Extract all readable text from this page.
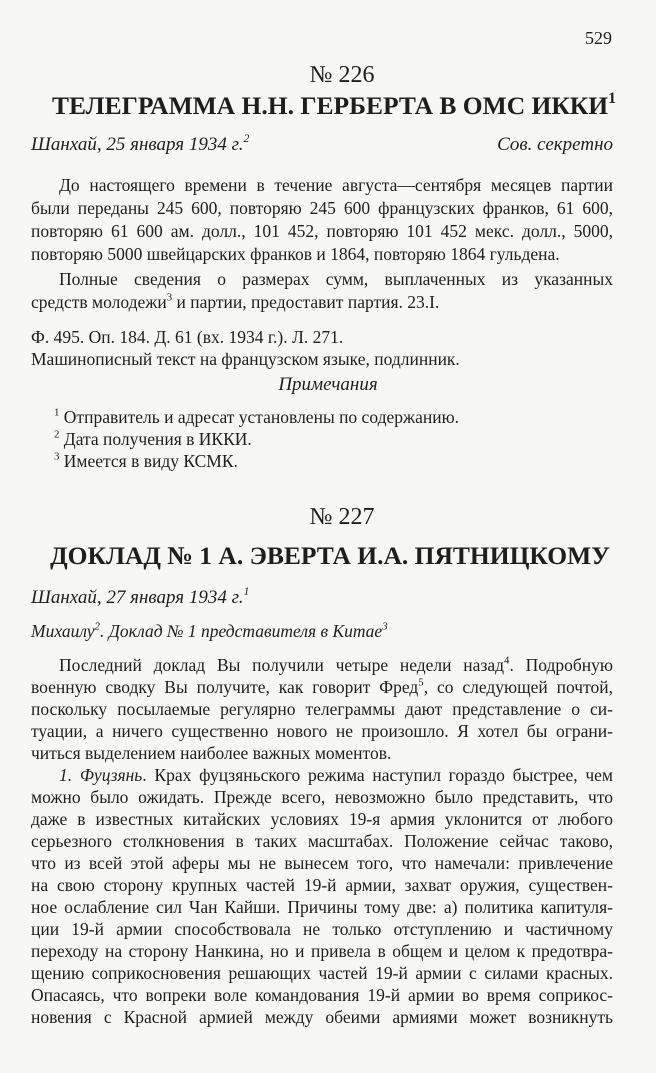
529
№ 226
ТЕЛЕГРАММА Н.Н. ГЕРБЕРТА В ОМС ИККИ$^1$
Шанхай, 25 января 1934 г.$^2$	Сов. секретно
До настоящего времени в течение августа—сентября месяцев партии
были переданы 245 600, повторяю 245 600 французских франков, 61 600,
повторяю 61 600 ам. долл., 101 452, повторяю 101 452 мекс. долл., 5000,
повторяю 5000 швейцарских франков и 1864, повторяю 1864 гульдена.
Полные сведения о размерах сумм, выплаченных из указанных
средств молодежи$^3$ и партии, предоставит партия. 23.I.
Ф. 495. Оп. 184. Д. 61 (вх. 1934 г.). Л. 271.
Машинописный текст на французском языке, подлинник.
Примечания
$^1$ Отправитель и адресат установлены по содержанию.
$^2$ Дата получения в ИККИ.
$^3$ Имеется в виду КСМК.
№ 227
ДОКЛАД № 1 А. ЭВЕРТА И.А. ПЯТНИЦКОМУ
Шанхай, 27 января 1934 г.$^1$
Михаилу$^2$. Доклад № 1 представителя в Китае$^3$
Последний доклад Вы получили четыре недели назад$^4$. Подробную
военную сводку Вы получите, как говорит Фред$^5$, со следующей почтой,
поскольку посылаемые регулярно телеграммы дают представление о си-
туации, а ничего существенно нового не произошло. Я хотел бы ограни-
читься выделением наиболее важных моментов.
1. Фуцзянь. Крах фуцзяньского режима наступил гораздо быстрее, чем
можно было ожидать. Прежде всего, невозможно было представить, что
даже в известных китайских условиях 19-я армия уклонится от любого
серьезного столкновения в таких масштабах. Положение сейчас таково,
что из всей этой аферы мы не вынесем того, что намечали: привлечение
на свою сторону крупных частей 19-й армии, захват оружия, существен-
ное ослабление сил Чан Кайши. Причины тому две: а) политика капитуля-
ции 19-й армии способствовала не только отступлению и частичному
переходу на сторону Нанкина, но и привела в общем и целом к предотвра-
щению соприкосновения решающих частей 19-й армии с силами красных.
Опасаясь, что вопреки воле командования 19-й армии во время соприкос-
новения с Красной армией между обеими армиями может возникнуть
